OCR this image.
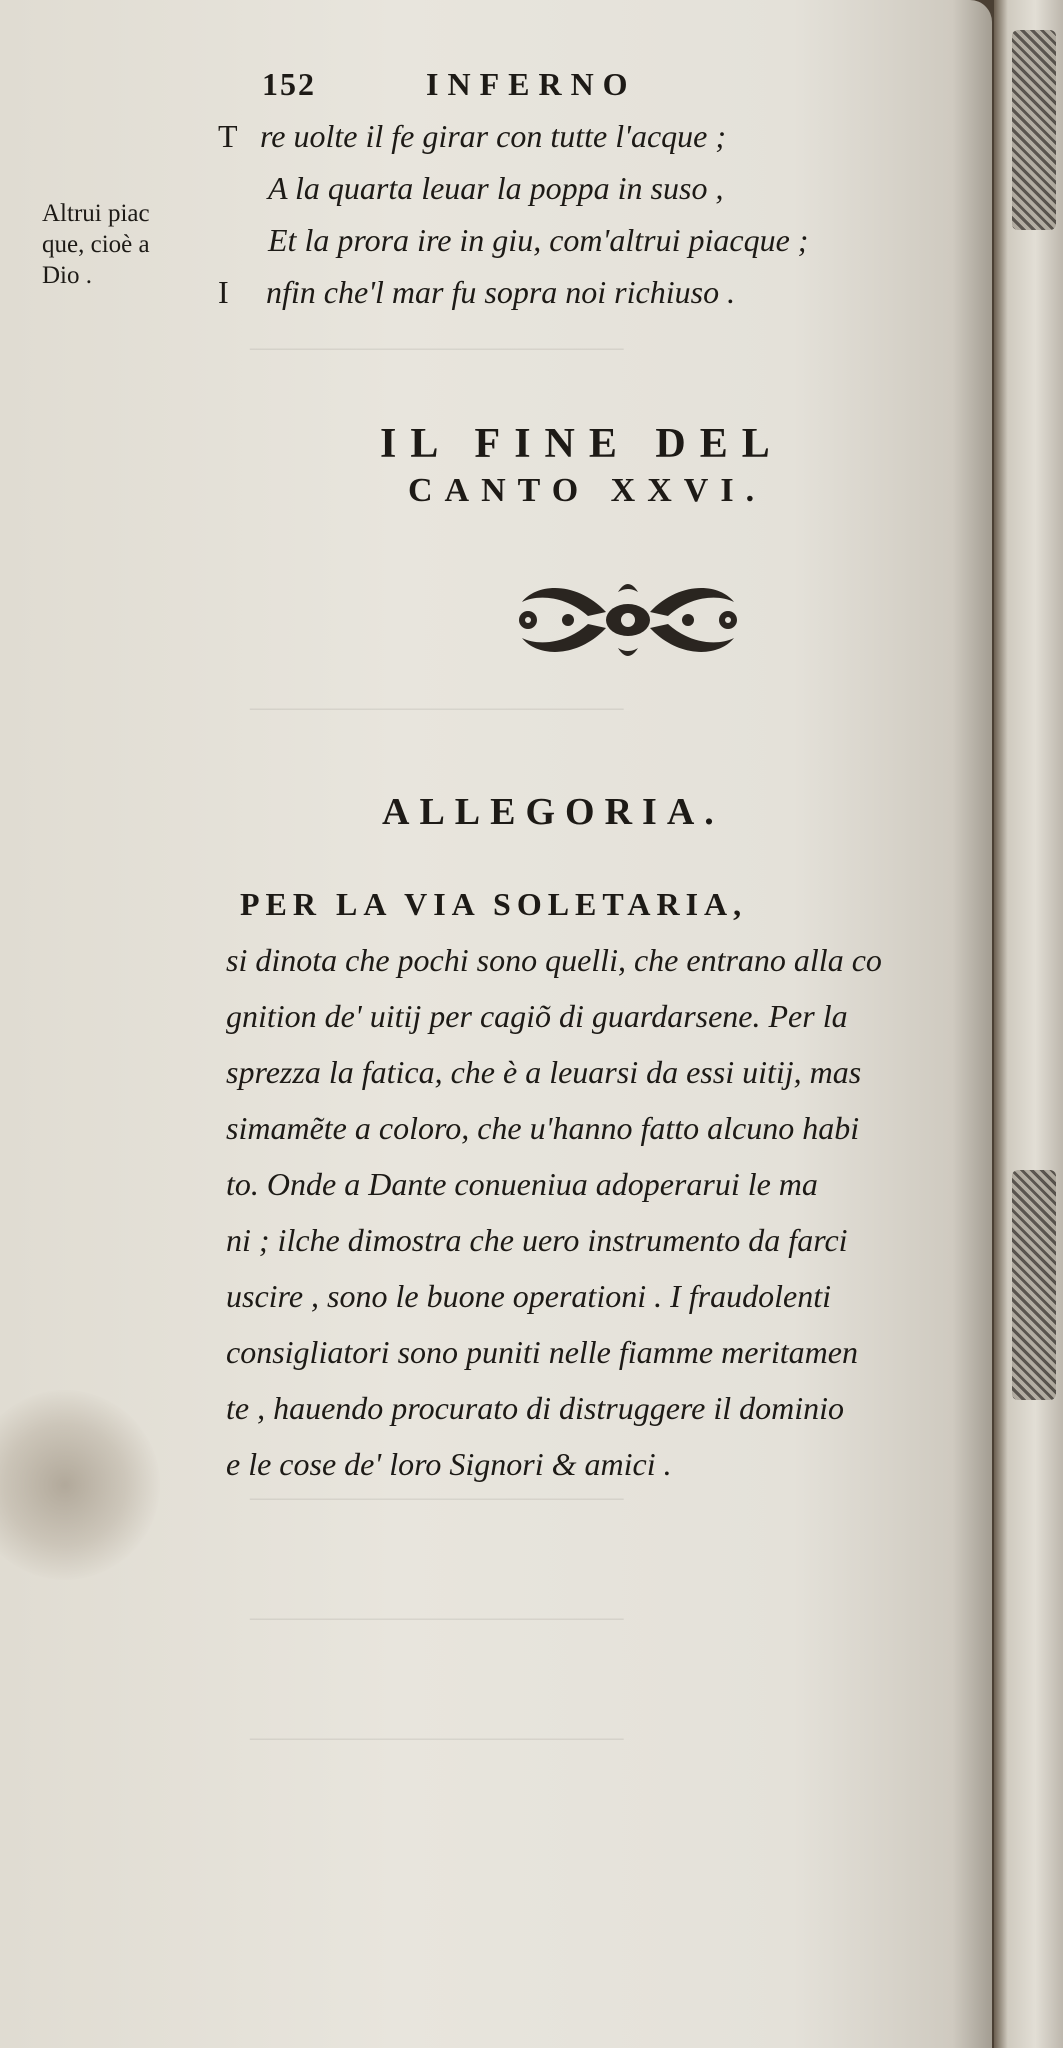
——————————————
——————————————
——————————————
——————————————
——————————————
152	INFERNO
T re uolte il fe girar con tutte l'acque ;
A la quarta leuar la poppa in suso ,
Et la prora ire in giu, com'altrui piacque ;
I nfin che'l mar fu sopra noi richiuso .
Altrui piac
que, cioè a
Dio .
IL FINE DEL
CANTO XXVI.
ALLEGORIA.
PER LA VIA SOLETARIA,
si dinota che pochi sono quelli, che entrano alla co
gnition de' uitij per cagiõ di guardarsene. Per la
sprezza la fatica, che è a leuarsi da essi uitij, mas
simamẽte a coloro, che u'hanno fatto alcuno habi
to. Onde a Dante conueniua adoperarui le ma
ni ; ilche dimostra che uero instrumento da farci
uscire , sono le buone operationi . I fraudolenti
consigliatori sono puniti nelle fiamme meritamen
te , hauendo procurato di distruggere il dominio
e le cose de' loro Signori & amici .
